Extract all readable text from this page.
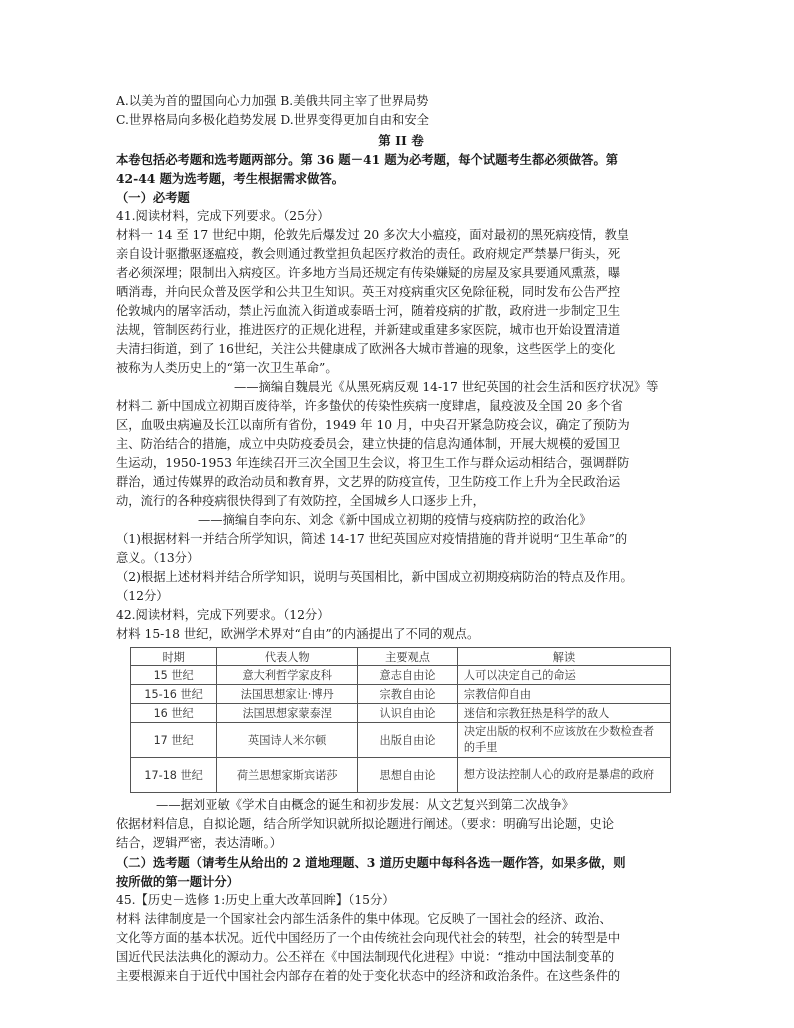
A.以美为首的盟国向心力加强 B.美俄共同主宰了世界局势
C.世界格局向多极化趋势发展 D.世界变得更加自由和安全
第 II 卷
本卷包括必考题和选考题两部分。第 36 题－41 题为必考题，每个试题考生都必须做答。第
42-44 题为选考题，考生根据需求做答。
（一）必考题
41.阅读材料，完成下列要求。（25分）
材料一 14 至 17 世纪中期，伦敦先后爆发过 20 多次大小瘟疫，面对最初的黑死病疫情，教皇
亲自设计驱撒驱逐瘟疫，教会则通过教堂担负起医疗救治的责任。政府规定严禁暴尸街头，死
者必须深埋；限制出入病疫区。许多地方当局还规定有传染嫌疑的房屋及家具要通风熏蒸，曝
晒消毒，并向民众普及医学和公共卫生知识。英王对疫病重灾区免除征税，同时发布公告严控
伦敦城内的屠宰活动，禁止污血流入街道或泰晤士河，随着疫病的扩散，政府进一步制定卫生
法规，管制医药行业，推进医疗的正规化进程，并新建或重建多家医院，城市也开始设置清道
夫清扫街道，到了 16世纪，关注公共健康成了欧洲各大城市普遍的现象，这些医学上的变化
被称为人类历史上的“第一次卫生革命”。
——摘编自魏晨光《从黑死病反观 14-17 世纪英国的社会生活和医疗状况》等
材料二 新中国成立初期百废待举，许多蛰伏的传染性疾病一度肆虐，鼠疫波及全国 20 多个省
区，血吸虫病遍及长江以南所有省份，1949 年 10 月，中央召开紧急防疫会议，确定了预防为
主、防治结合的措施，成立中央防疫委员会，建立快捷的信息沟通体制，开展大规模的爱国卫
生运动，1950-1953 年连续召开三次全国卫生会议，将卫生工作与群众运动相结合，强调群防
群治，通过传媒界的政治动员和教育界，文艺界的防疫宣传，卫生防疫工作上升为全民政治运
动，流行的各种疫病很快得到了有效防控，全国城乡人口逐步上升，
——摘编自李向东、刘念《新中国成立初期的疫情与疫病防控的政治化》
（1)根据材料一并结合所学知识，简述 14-17 世纪英国应对疫情措施的背并说明“卫生革命”的
意义。（13分）
（2)根据上述材料并结合所学知识，说明与英国相比，新中国成立初期疫病防治的特点及作用。
（12分）
42.阅读材料，完成下列要求。（12分）
材料 15-18 世纪，欧洲学术界对“自由”的内涵提出了不同的观点。
时期	代表人物	主要观点	解读
15 世纪	意大利哲学家皮科	意志自由论	人可以决定自己的命运
15-16 世纪	法国思想家让·博丹	宗教自由论	宗教信仰自由
16 世纪	法国思想家蒙泰涅	认识自由论	迷信和宗教狂热是科学的敌人
17 世纪	英国诗人米尔顿	出版自由论	决定出版的权利不应该放在少数检查者的手里
17-18 世纪	荷兰思想家斯宾诺莎	思想自由论	想方设法控制人心的政府是暴虐的政府
——据刘亚敏《学术自由概念的诞生和初步发展：从文艺复兴到第二次战争》
依据材料信息，自拟论题，结合所学知识就所拟论题进行阐述。（要求：明确写出论题，史论
结合，逻辑严密，表达清晰。）
（二）选考题（请考生从给出的 2 道地理题、3 道历史题中每科各选一题作答，如果多做，则
按所做的第一题计分）
45.【历史－选修 1:历史上重大改革回眸】（15分）
材料 法律制度是一个国家社会内部生活条件的集中体现。它反映了一国社会的经济、政治、
文化等方面的基本状况。近代中国经历了一个由传统社会向现代社会的转型，社会的转型是中
国近代民法法典化的源动力。公丕祥在《中国法制现代化进程》中说：“推动中国法制变革的
主要根源来自于近代中国社会内部存在着的处于变化状态中的经济和政治条件。在这些条件的
